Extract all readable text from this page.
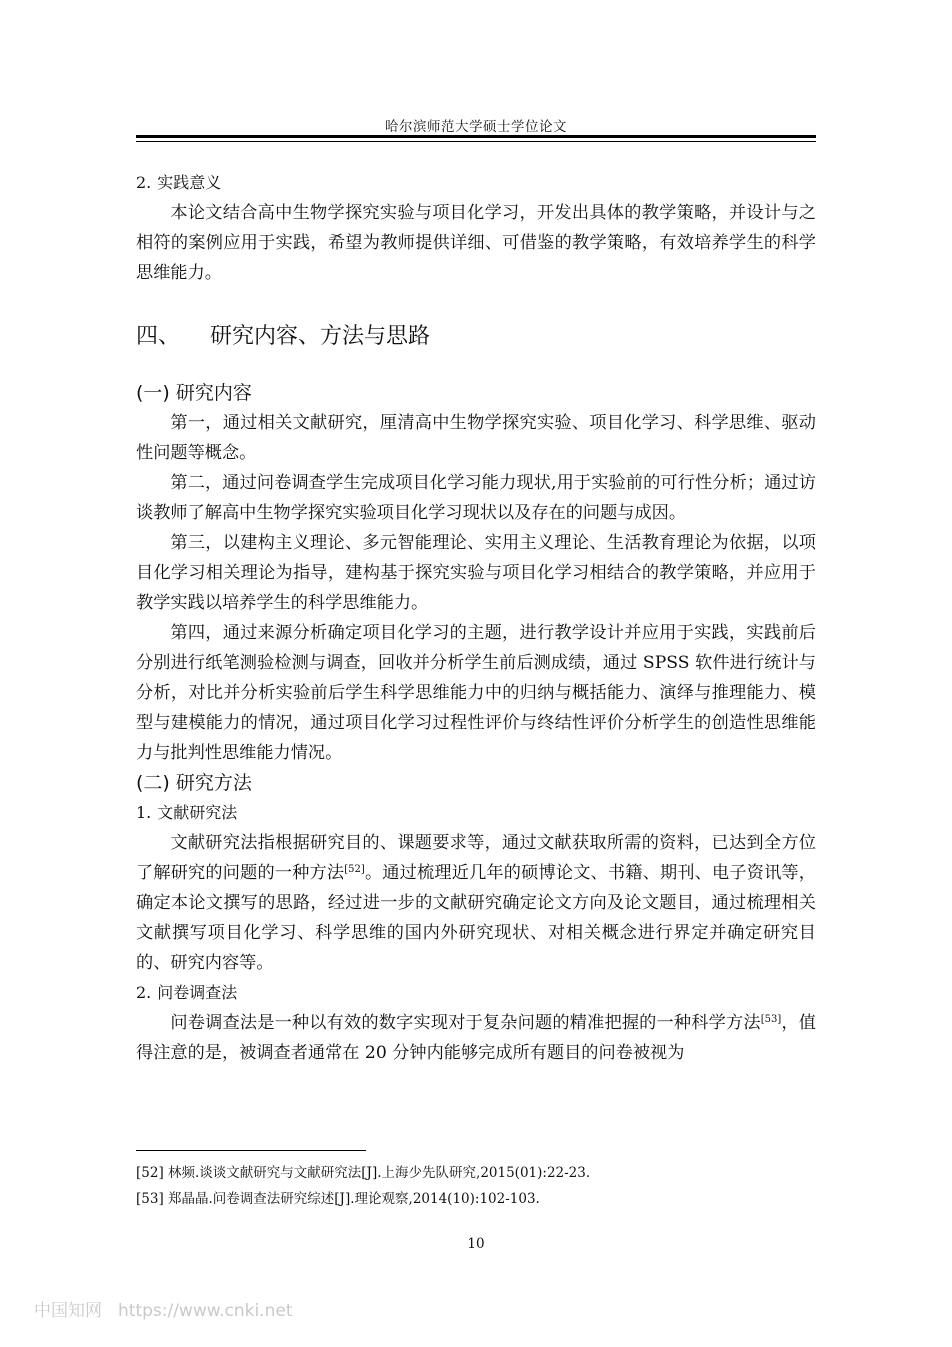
哈尔滨师范大学硕士学位论文

2. 实践意义

本论文结合高中生物学探究实验与项目化学习，开发出具体的教学策略，并设计与之相符的案例应用于实践，希望为教师提供详细、可借鉴的教学策略，有效培养学生的科学思维能力。

四、 研究内容、方法与思路
(一) 研究内容

第一，通过相关文献研究，厘清高中生物学探究实验、项目化学习、科学思维、驱动性问题等概念。

第二，通过问卷调查学生完成项目化学习能力现状,用于实验前的可行性分析；通过访谈教师了解高中生物学探究实验项目化学习现状以及存在的问题与成因。

第三，以建构主义理论、多元智能理论、实用主义理论、生活教育理论为依据，以项目化学习相关理论为指导，建构基于探究实验与项目化学习相结合的教学策略，并应用于教学实践以培养学生的科学思维能力。

第四，通过来源分析确定项目化学习的主题，进行教学设计并应用于实践，实践前后分别进行纸笔测验检测与调查，回收并分析学生前后测成绩，通过 SPSS 软件进行统计与分析，对比并分析实验前后学生科学思维能力中的归纳与概括能力、演绎与推理能力、模型与建模能力的情况，通过项目化学习过程性评价与终结性评价分析学生的创造性思维能力与批判性思维能力情况。

(二) 研究方法

1. 文献研究法

文献研究法指根据研究目的、课题要求等，通过文献获取所需的资料，已达到全方位了解研究的问题的一种方法[52]。通过梳理近几年的硕博论文、书籍、期刊、电子资讯等，确定本论文撰写的思路，经过进一步的文献研究确定论文方向及论文题目，通过梳理相关文献撰写项目化学习、科学思维的国内外研究现状、对相关概念进行界定并确定研究目的、研究内容等。

2. 问卷调查法

问卷调查法是一种以有效的数字实现对于复杂问题的精准把握的一种科学方法[53]，值得注意的是，被调查者通常在 20 分钟内能够完成所有题目的问卷被视为

[52] 林频.谈谈文献研究与文献研究法[J].上海少先队研究,2015(01):22-23.
[53] 郑晶晶.问卷调查法研究综述[J].理论观察,2014(10):102-103.
10
中国知网 https://www.cnki.net
